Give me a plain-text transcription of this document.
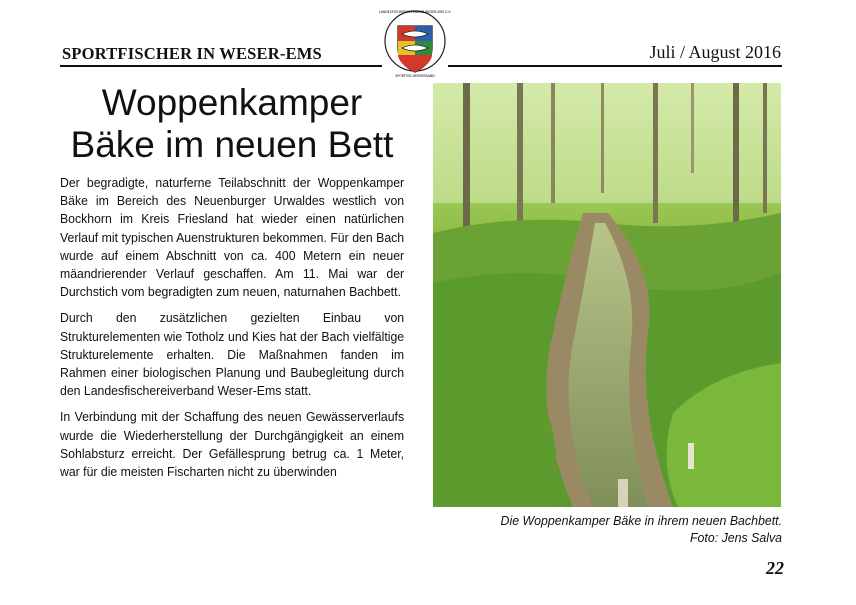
SPORTFISCHER IN WESER-EMS	Juli / August 2016
LANDESFISCHEREIVERBAND WESER-EMS E.V.
SPORTFISCHERVERBAND
Woppenkamper
Bäke im neuen Bett

Der begradigte, naturferne Teilabschnitt der Woppenkamper Bäke im Bereich des Neuenburger Urwaldes westlich von Bockhorn im Kreis Friesland hat wieder einen natürlichen Verlauf mit typischen Auenstrukturen bekommen. Für den Bach wurde auf einem Abschnitt von ca. 400 Metern ein neuer mäandrierender Verlauf geschaffen. Am 11. Mai war der Durchstich vom begradigten zum neuen, naturnahen Bachbett.

Durch den zusätzlichen gezielten Einbau von Strukturelementen wie Totholz und Kies hat der Bach vielfältige Strukturelemente erhalten. Die Maßnahmen fanden im Rahmen einer biologischen Planung und Baubegleitung durch den Landesfischereiverband Weser-Ems statt.

In Verbindung mit der Schaffung des neuen Gewässerverlaufs wurde die Wiederherstellung der Durchgängigkeit an einem Sohlabsturz erreicht. Der Gefällesprung betrug ca. 1 Meter, war für die meisten Fischarten nicht zu überwinden

Die Woppenkamper Bäke in ihrem neuen Bachbett.
Foto: Jens Salva
22
